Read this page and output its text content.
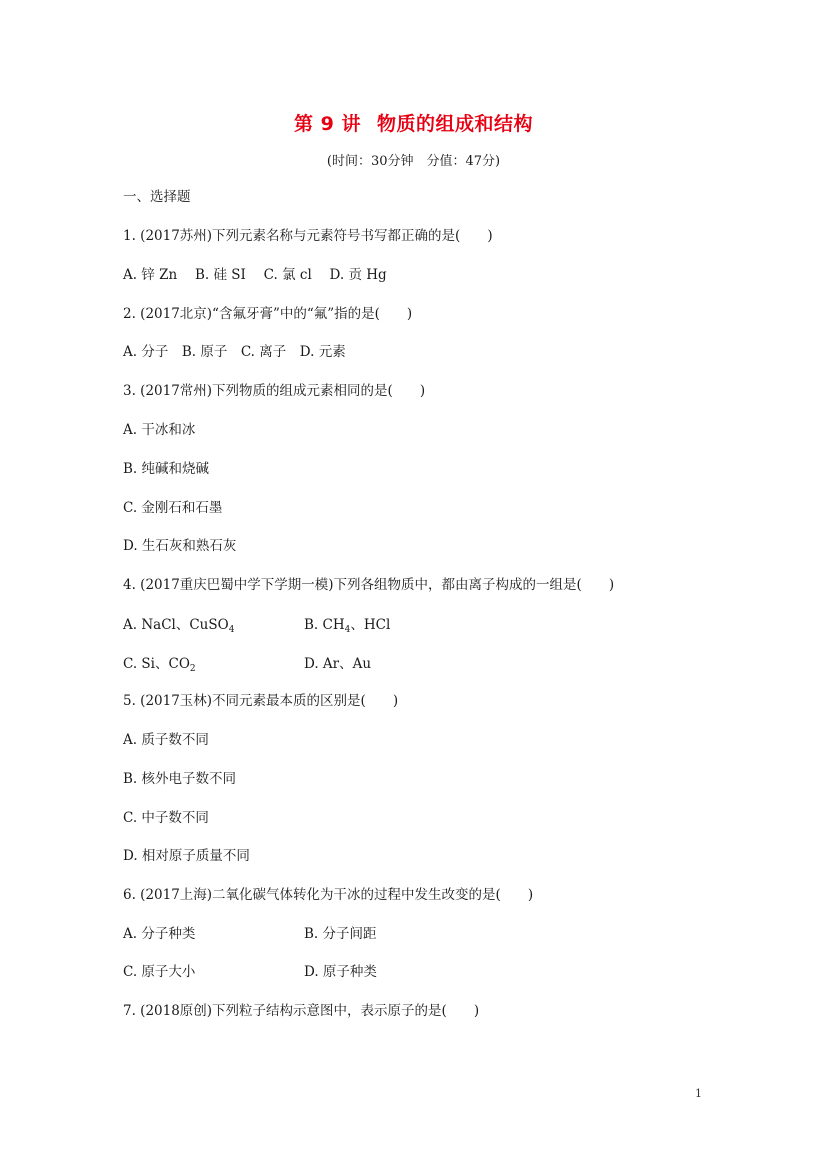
第 9 讲 物质的组成和结构
(时间：30分钟　分值：47分)
一、选择题
1. (2017苏州)下列元素名称与元素符号书写都正确的是(　　)
A. 锌 Zn　 B. 硅 SI　 C. 氯 cl　 D. 贡 Hg
2. (2017北京)“含氟牙膏”中的“氟”指的是(　　)
A. 分子　B. 原子　C. 离子　D. 元素
3. (2017常州)下列物质的组成元素相同的是(　　)
A. 干冰和冰
B. 纯碱和烧碱
C. 金刚石和石墨
D. 生石灰和熟石灰
4. (2017重庆巴蜀中学下学期一模)下列各组物质中，都由离子构成的一组是(　　)
A. NaCl、CuSO$_4$	B. $CH_4$、HCl
C. Si、$CO_2$	D. Ar、Au
5. (2017玉林)不同元素最本质的区别是(　　)
A. 质子数不同
B. 核外电子数不同
C. 中子数不同
D. 相对原子质量不同
6. (2017上海)二氧化碳气体转化为干冰的过程中发生改变的是(　　)
A. 分子种类	B. 分子间距
C. 原子大小	D. 原子种类
7. (2018原创)下列粒子结构示意图中，表示原子的是(　　)
1
